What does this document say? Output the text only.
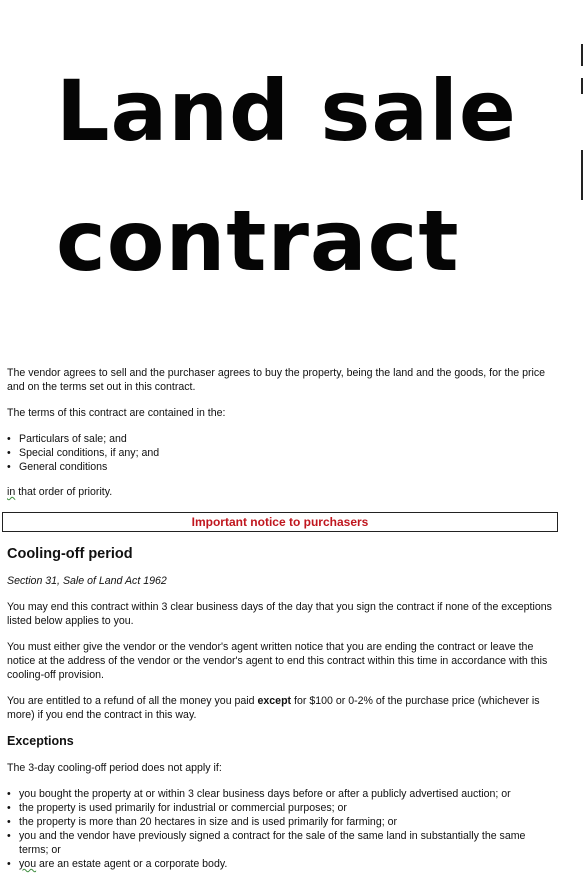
Land sale
contract

The vendor agrees to sell and the purchaser agrees to buy the property, being the land and the goods, for the price and on the terms set out in this contract.

The terms of this contract are contained in the:

• Particulars of sale; and
• Special conditions, if any; and
• General conditions

in that order of priority.

Important notice to purchasers
Cooling-off period

Section 31, Sale of Land Act 1962

You may end this contract within 3 clear business days of the day that you sign the contract if none of the exceptions listed below applies to you.

You must either give the vendor or the vendor's agent written notice that you are ending the contract or leave the notice at the address of the vendor or the vendor's agent to end this contract within this time in accordance with this cooling-off provision.

You are entitled to a refund of all the money you paid except for $100 or 0-2% of the purchase price (whichever is more) if you end the contract in this way.

Exceptions

The 3-day cooling-off period does not apply if:

• you bought the property at or within 3 clear business days before or after a publicly advertised auction; or
• the property is used primarily for industrial or commercial purposes; or
• the property is more than 20 hectares in size and is used primarily for farming; or
• you and the vendor have previously signed a contract for the sale of the same land in substantially the same terms; or
• you are an estate agent or a corporate body.
